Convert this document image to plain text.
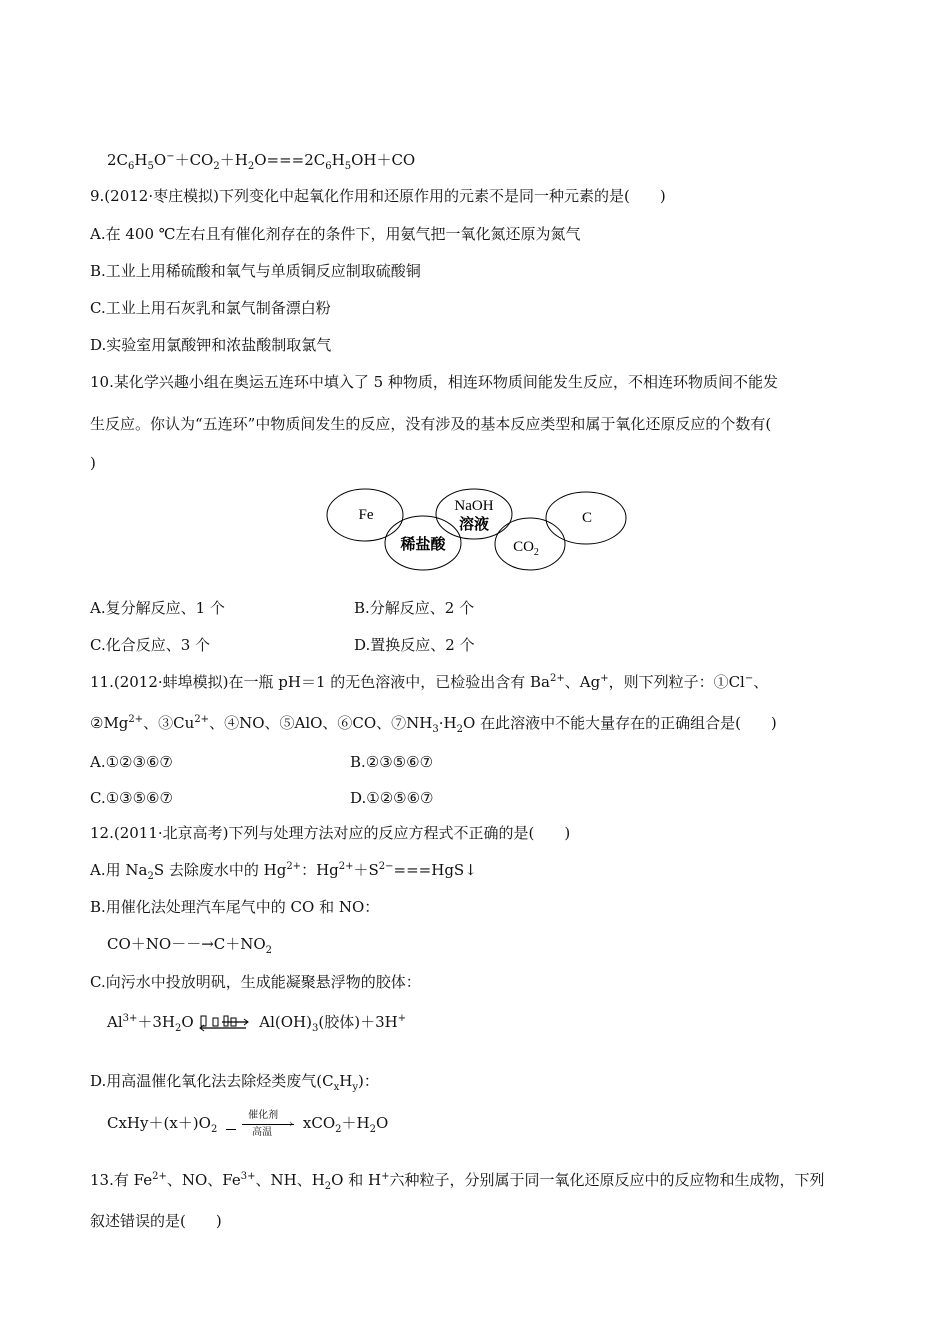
$2C_6H_5O^-+CO_2+H_2O===2C_6H_5OH+CO$
9.(2012·枣庄模拟)下列变化中起氧化作用和还原作用的元素不是同一种元素的是(　　)
A.在 400 ℃左右且有催化剂存在的条件下，用氨气把一氧化氮还原为氮气
B.工业上用稀硫酸和氧气与单质铜反应制取硫酸铜
C.工业上用石灰乳和氯气制备漂白粉
D.实验室用氯酸钾和浓盐酸制取氯气
10.某化学兴趣小组在奥运五连环中填入了 5 种物质，相连环物质间能发生反应，不相连环物质间不能发
生反应。你认为“五连环”中物质间发生的反应，没有涉及的基本反应类型和属于氧化还原反应的个数有(
)
Fe
稀盐酸
NaOH
溶液
$CO_2$
C
A.复分解反应、1 个	B.分解反应、2 个
C.化合反应、3 个	D.置换反应、2 个
11.(2012·蚌埠模拟)在一瓶 pH＝1 的无色溶液中，已检验出含有 $Ba^{2+}$、Ag+，则下列粒子：①Cl−、
$②Mg^{2+}$、$③Cu^{2+}$、④NO、⑤AlO、⑥CO、$⑦NH_3\cdot H_2O$ 在此溶液中不能大量存在的正确组合是(　　)
A.①②③⑥⑦	B.②③⑤⑥⑦
C.①③⑤⑥⑦	D.①②⑤⑥⑦
12.(2011·北京高考)下列与处理方法对应的反应方程式不正确的是(　　)
A.用 $Na_2S$ 去除废水中的 $Hg^{2+}$：$Hg^{2+}+S^{2-}===HgS↓$
B.用催化法处理汽车尾气中的 CO 和 NO：
$CO+NO--\to C+NO_2$
C.向污水中投放明矾，生成能凝聚悬浮物的胶体：
$Al^{3+}+3H_2O$	$Al(OH)_3$(胶体)＋3H+
D.用高温催化氧化法去除烃类废气$(C_xH_y)$：
$CxHy+(x+)O_2$
催化剂
›
高温
$xCO_2+H_2O$
13.有 $Fe^{2+}$、NO、$Fe^{3+}$、NH、$H_2O$ 和 H+六种粒子，分别属于同一氧化还原反应中的反应物和生成物，下列
叙述错误的是(　　)
